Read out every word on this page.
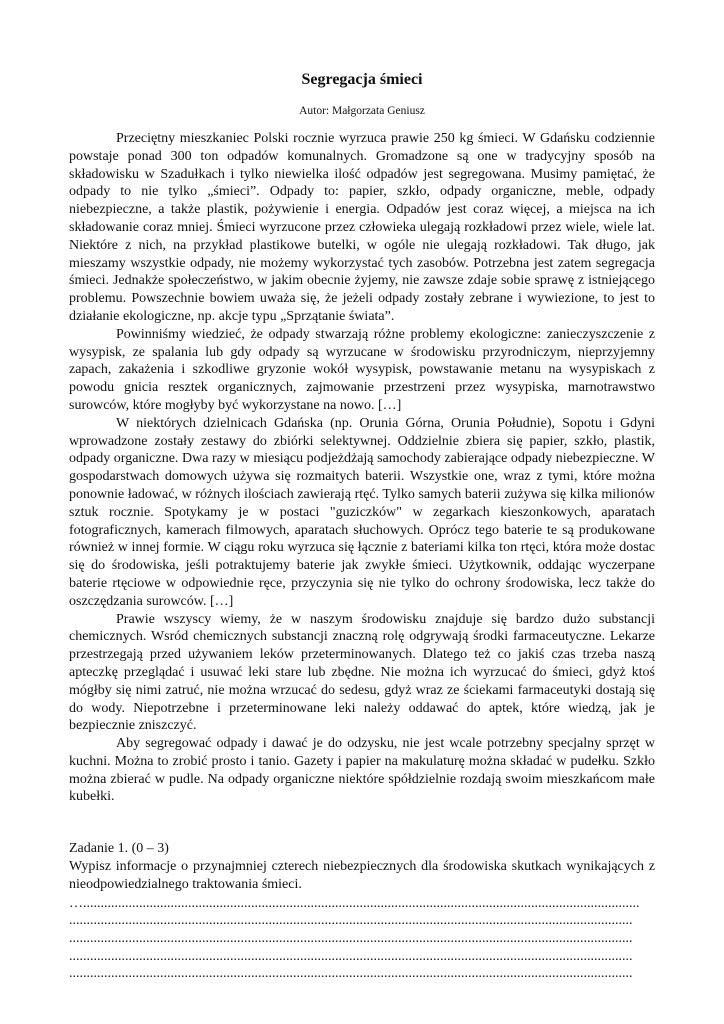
Segregacja śmieci

Autor: Małgorzata Geniusz

Przeciętny mieszkaniec Polski rocznie wyrzuca prawie 250 kg śmieci. W Gdańsku codziennie powstaje ponad 300 ton odpadów komunalnych. Gromadzone są one w tradycyjny sposób na składowisku w Szadułkach i tylko niewielka ilość odpadów jest segregowana. Musimy pamiętać, że odpady to nie tylko „śmieci”. Odpady to: papier, szkło, odpady organiczne, meble, odpady niebezpieczne, a także plastik, pożywienie i energia. Odpadów jest coraz więcej, a miejsca na ich składowanie coraz mniej. Śmieci wyrzucone przez człowieka ulegają rozkładowi przez wiele, wiele lat. Niektóre z nich, na przykład plastikowe butelki, w ogóle nie ulegają rozkładowi. Tak długo, jak mieszamy wszystkie odpady, nie możemy wykorzystać tych zasobów. Potrzebna jest zatem segregacja śmieci. Jednakże społeczeństwo, w jakim obecnie żyjemy, nie zawsze zdaje sobie sprawę z istniejącego problemu. Powszechnie bowiem uważa się, że jeżeli odpady zostały zebrane i wywiezione, to jest to działanie ekologiczne, np. akcje typu „Sprzątanie świata”.

Powinniśmy wiedzieć, że odpady stwarzają różne problemy ekologiczne: zanieczyszczenie z wysypisk, ze spalania lub gdy odpady są wyrzucane w środowisku przyrodniczym, nieprzyjemny zapach, zakażenia i szkodliwe gryzonie wokół wysypisk, powstawanie metanu na wysypiskach z powodu gnicia resztek organicznych, zajmowanie przestrzeni przez wysypiska, marnotrawstwo surowców, które mogłyby być wykorzystane na nowo. […]

W niektórych dzielnicach Gdańska (np. Orunia Górna, Orunia Południe), Sopotu i Gdyni wprowadzone zostały zestawy do zbiórki selektywnej. Oddzielnie zbiera się papier, szkło, plastik, odpady organiczne. Dwa razy w miesiącu podjeżdżają samochody zabierające odpady niebezpieczne. W gospodarstwach domowych używa się rozmaitych baterii. Wszystkie one, wraz z tymi, które można ponownie ładować, w różnych ilościach zawierają rtęć. Tylko samych baterii zużywa się kilka milionów sztuk rocznie. Spotykamy je w postaci "guziczków" w zegarkach kieszonkowych, aparatach fotograficznych, kamerach filmowych, aparatach słuchowych. Oprócz tego baterie te są produkowane również w innej formie. W ciągu roku wyrzuca się łącznie z bateriami kilka ton rtęci, która może dostac się do środowiska, jeśli potraktujemy baterie jak zwykłe śmieci. Użytkownik, oddając wyczerpane baterie rtęciowe w odpowiednie ręce, przyczynia się nie tylko do ochrony środowiska, lecz także do oszczędzania surowców. […]

Prawie wszyscy wiemy, że w naszym środowisku znajduje się bardzo dużo substancji chemicznych. Wsród chemicznych substancji znaczną rolę odgrywają środki farmaceutyczne. Lekarze przestrzegają przed używaniem leków przeterminowanych. Dlatego też co jakiś czas trzeba naszą apteczkę przeglądać i usuwać leki stare lub zbędne. Nie można ich wyrzucać do śmieci, gdyż ktoś mógłby się nimi zatruć, nie można wrzucać do sedesu, gdyż wraz ze ściekami farmaceutyki dostają się do wody. Niepotrzebne i przeterminowane leki należy oddawać do aptek, które wiedzą, jak je bezpiecznie zniszczyć.

Aby segregować odpady i dawać je do odzysku, nie jest wcale potrzebny specjalny sprzęt w kuchni. Można to zrobić prosto i tanio. Gazety i papier na makulaturę można składać w pudełku. Szkło można zbierać w pudle. Na odpady organiczne niektóre spółdzielnie rozdają swoim mieszkańcom małe kubełki.

Zadanie 1. (0 – 3)

Wypisz informacje o przynajmniej czterech niebezpiecznych dla środowiska skutkach wynikających z nieodpowiedzialnego traktowania śmieci.

…...............................................................................................................................................................

.................................................................................................................................................................

.................................................................................................................................................................

.................................................................................................................................................................

.................................................................................................................................................................
